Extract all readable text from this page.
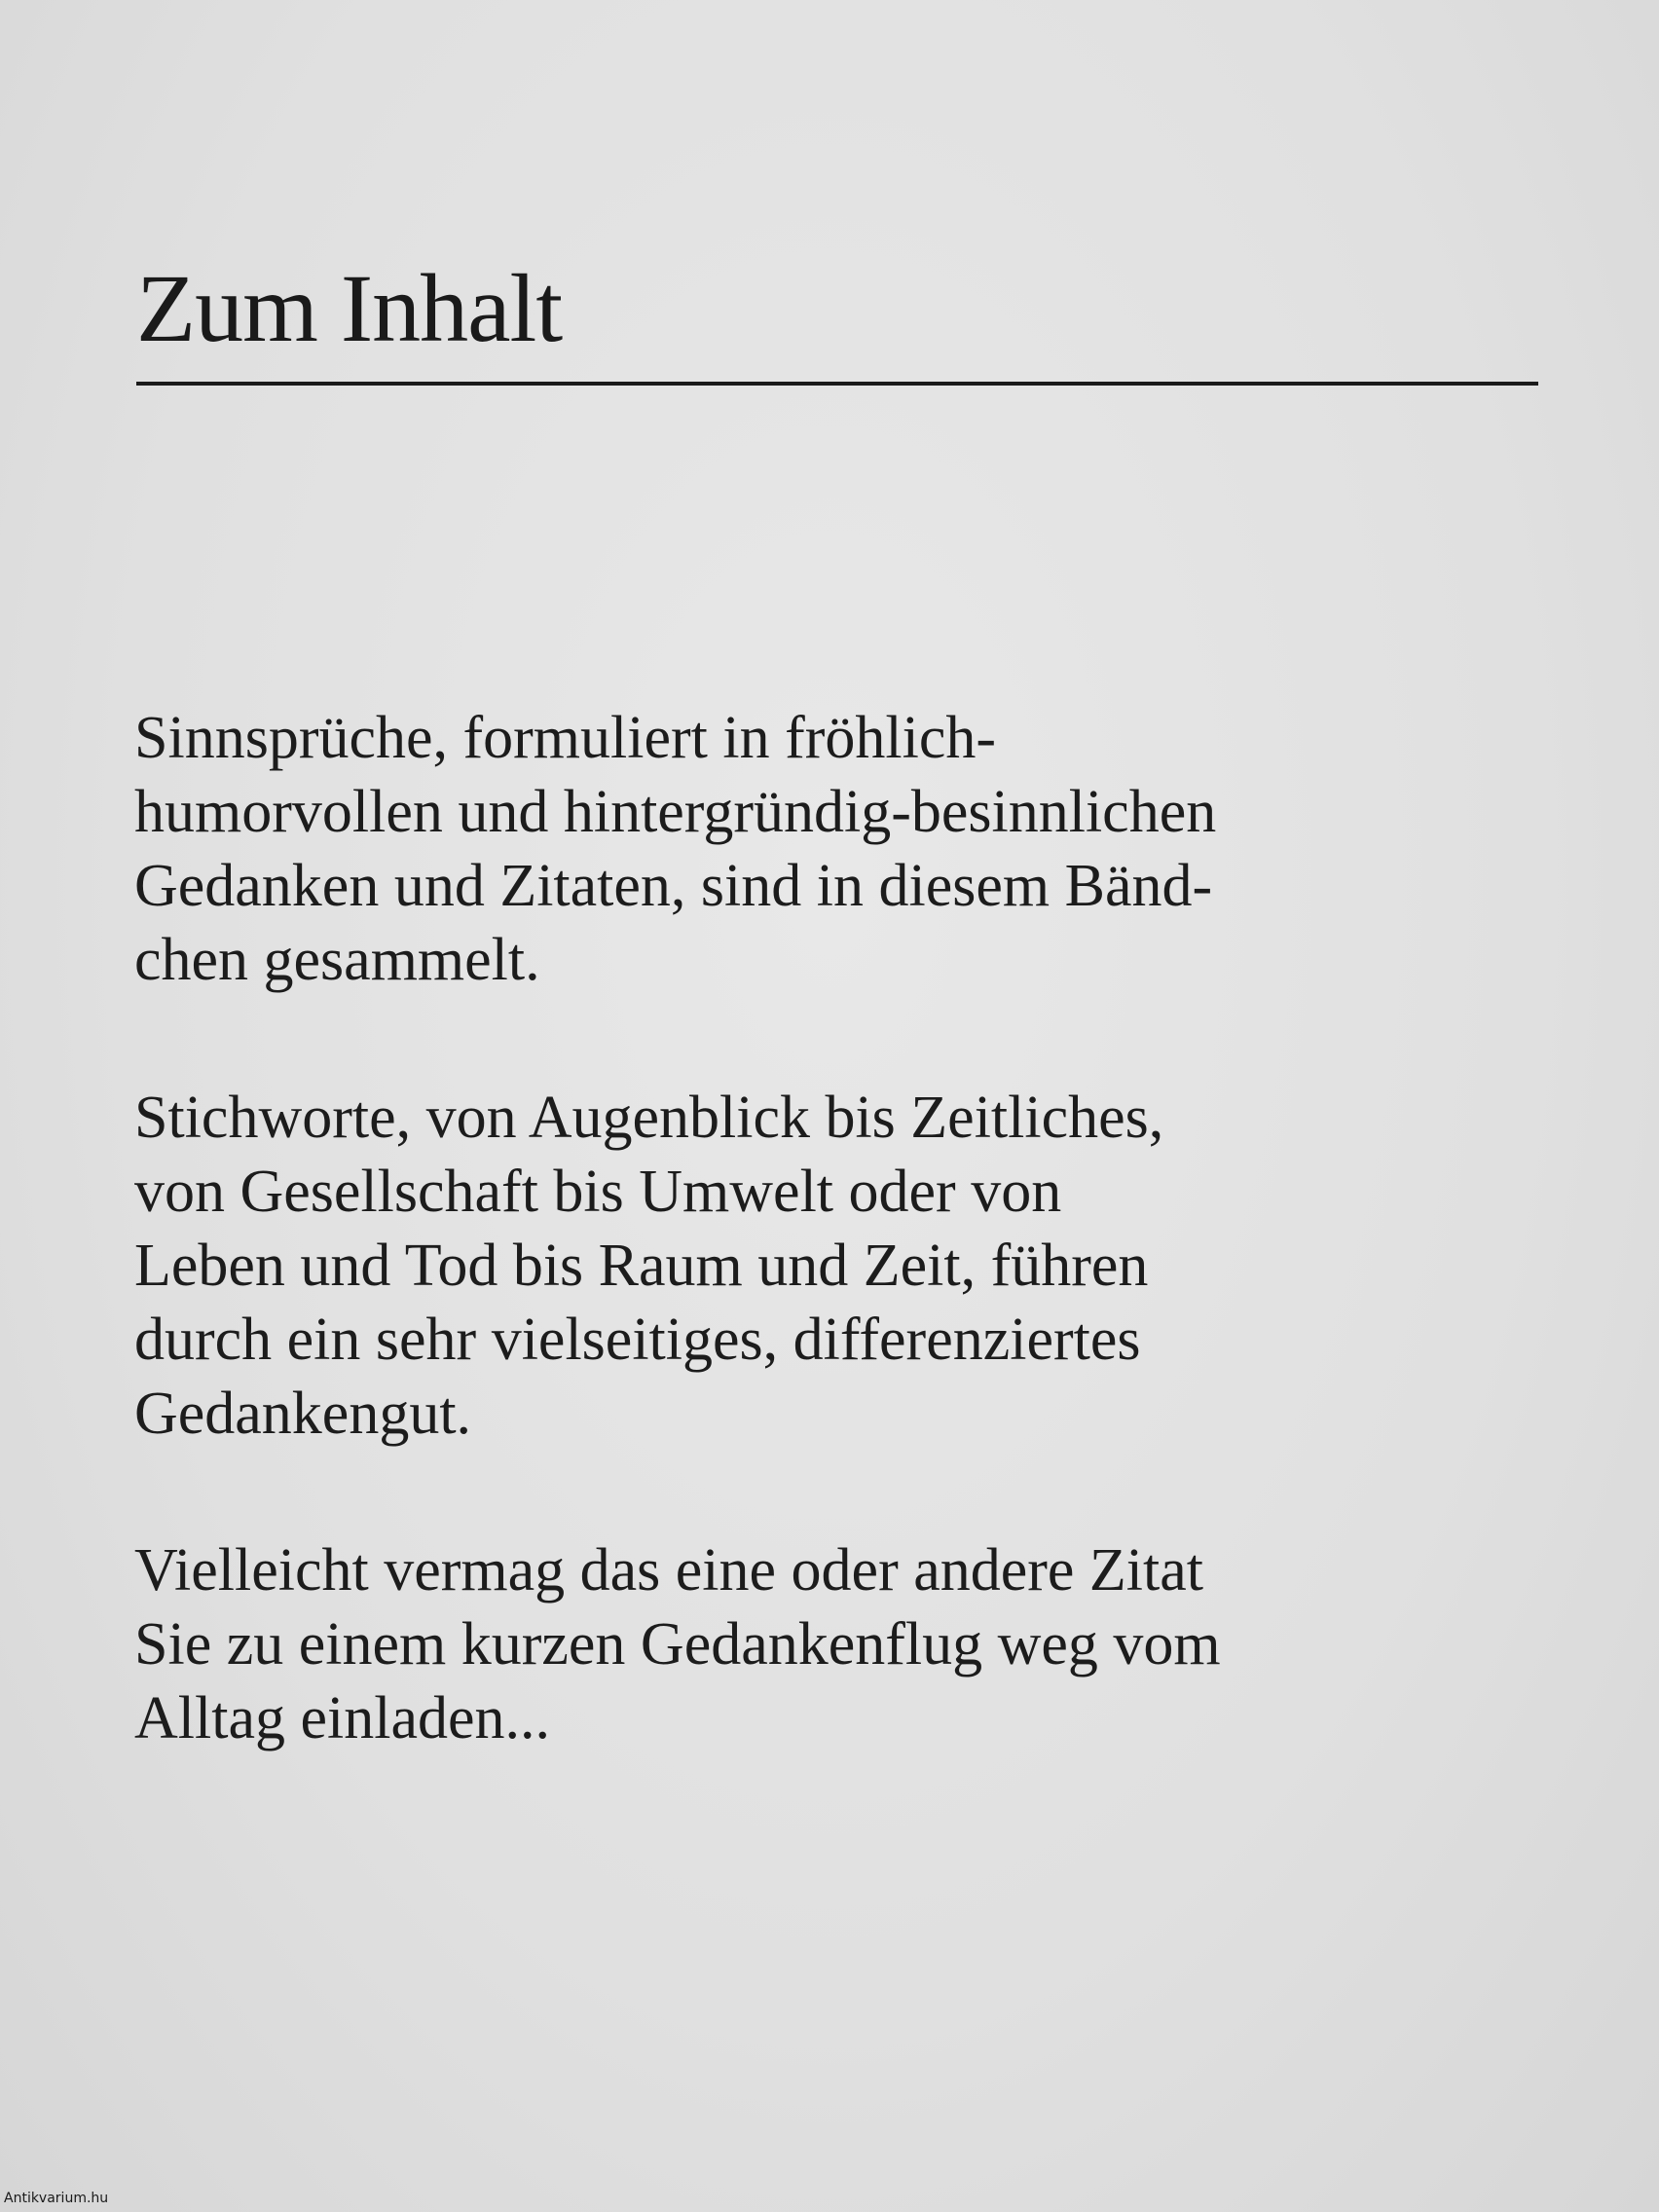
Zum Inhalt

Sinnsprüche, formuliert in fröhlich-
humorvollen und hintergründig-besinnlichen
Gedanken und Zitaten, sind in diesem Bänd-
chen gesammelt.

Stichworte, von Augenblick bis Zeitliches,
von Gesellschaft bis Umwelt oder von
Leben und Tod bis Raum und Zeit, führen
durch ein sehr vielseitiges, differenziertes
Gedankengut.

Vielleicht vermag das eine oder andere Zitat
Sie zu einem kurzen Gedankenflug weg vom
Alltag einladen...

Antikvarium.hu
